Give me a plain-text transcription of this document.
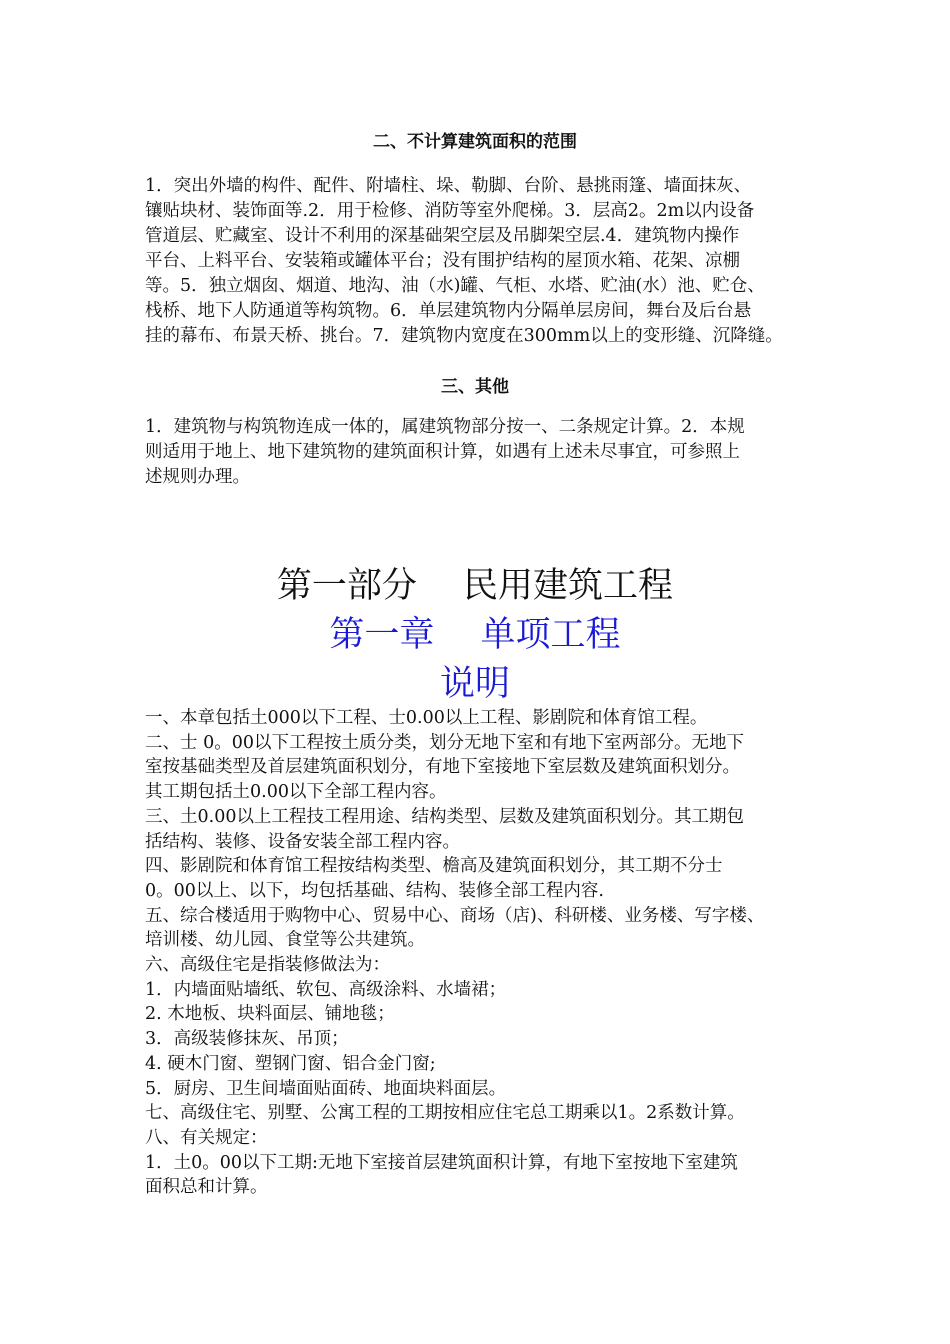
二、不计算建筑面积的范围
1．突出外墙的构件、配件、附墙柱、垛、勒脚、台阶、悬挑雨篷、墙面抹灰、
镶贴块材、装饰面等.2．用于检修、消防等室外爬梯。3．层高2。2m以内设备
管道层、贮藏室、设计不利用的深基础架空层及吊脚架空层.4．建筑物内操作
平台、上料平台、安装箱或罐体平台；没有围护结构的屋顶水箱、花架、凉棚
等。5．独立烟囱、烟道、地沟、油（水)罐、气柜、水塔、贮油(水）池、贮仓、
栈桥、地下人防通道等构筑物。6．单层建筑物内分隔单层房间，舞台及后台悬
挂的幕布、布景天桥、挑台。7．建筑物内宽度在300mm以上的变形缝、沉降缝。
三、其他
1．建筑物与构筑物连成一体的，属建筑物部分按一、二条规定计算。2．本规
则适用于地上、地下建筑物的建筑面积计算，如遇有上述未尽事宜，可参照上
述规则办理。
第一部分　 民用建筑工程
第一章　 单项工程
说明
一、本章包括土000以下工程、士0.00以上工程、影剧院和体育馆工程。
二、士 0。00以下工程按土质分类，划分无地下室和有地下室两部分。无地下
室按基础类型及首层建筑面积划分，有地下室接地下室层数及建筑面积划分。
其工期包括土0.00以下全部工程内容。
三、土0.00以上工程技工程用途、结构类型、层数及建筑面积划分。其工期包
括结构、装修、设备安装全部工程内容。
四、影剧院和体育馆工程按结构类型、檐高及建筑面积划分，其工期不分士
0。00以上、以下，均包括基础、结构、装修全部工程内容.
五、综合楼适用于购物中心、贸易中心、商场（店)、科研楼、业务楼、写字楼、
培训楼、幼儿园、食堂等公共建筑。
六、高级住宅是指装修做法为：
1．内墙面贴墙纸、软包、高级涂料、水墙裙；
2. 木地板、块料面层、铺地毯；
3．高级装修抹灰、吊顶；
4. 硬木门窗、塑钢门窗、铝合金门窗;
5．厨房、卫生间墙面贴面砖、地面块料面层。
七、高级住宅、别墅、公寓工程的工期按相应住宅总工期乘以1。2系数计算。
八、有关规定：
1．土0。00以下工期:无地下室接首层建筑面积计算，有地下室按地下室建筑
面积总和计算。
